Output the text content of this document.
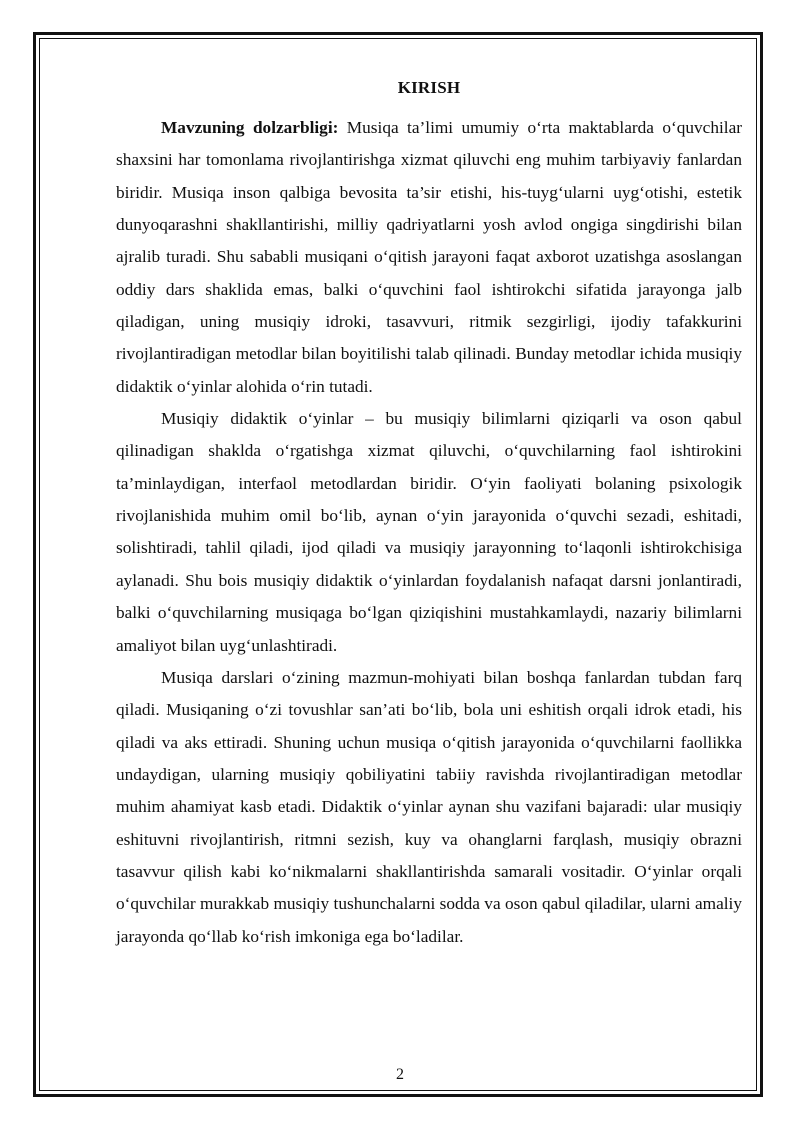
KIRISH

Mavzuning dolzarbligi: Musiqa ta’limi umumiy o‘rta maktablarda o‘quvchilar shaxsini har tomonlama rivojlantirishga xizmat qiluvchi eng muhim tarbiyaviy fanlardan biridir. Musiqa inson qalbiga bevosita ta’sir etishi, his-tuyg‘ularni uyg‘otishi, estetik dunyoqarashni shakllantirishi, milliy qadriyatlarni yosh avlod ongiga singdirishi bilan ajralib turadi. Shu sababli musiqani o‘qitish jarayoni faqat axborot uzatishga asoslangan oddiy dars shaklida emas, balki o‘quvchini faol ishtirokchi sifatida jarayonga jalb qiladigan, uning musiqiy idroki, tasavvuri, ritmik sezgirligi, ijodiy tafakkurini rivojlantiradigan metodlar bilan boyitilishi talab qilinadi. Bunday metodlar ichida musiqiy didaktik o‘yinlar alohida o‘rin tutadi.

Musiqiy didaktik o‘yinlar – bu musiqiy bilimlarni qiziqarli va oson qabul qilinadigan shaklda o‘rgatishga xizmat qiluvchi, o‘quvchilarning faol ishtirokini ta’minlaydigan, interfaol metodlardan biridir. O‘yin faoliyati bolaning psixologik rivojlanishida muhim omil bo‘lib, aynan o‘yin jarayonida o‘quvchi sezadi, eshitadi, solishtiradi, tahlil qiladi, ijod qiladi va musiqiy jarayonning to‘laqonli ishtirokchisiga aylanadi. Shu bois musiqiy didaktik o‘yinlardan foydalanish nafaqat darsni jonlantiradi, balki o‘quvchilarning musiqaga bo‘lgan qiziqishini mustahkamlaydi, nazariy bilimlarni amaliyot bilan uyg‘unlashtiradi.

Musiqa darslari o‘zining mazmun-mohiyati bilan boshqa fanlardan tubdan farq qiladi. Musiqaning o‘zi tovushlar san’ati bo‘lib, bola uni eshitish orqali idrok etadi, his qiladi va aks ettiradi. Shuning uchun musiqa o‘qitish jarayonida o‘quvchilarni faollikka undaydigan, ularning musiqiy qobiliyatini tabiiy ravishda rivojlantiradigan metodlar muhim ahamiyat kasb etadi. Didaktik o‘yinlar aynan shu vazifani bajaradi: ular musiqiy eshituvni rivojlantirish, ritmni sezish, kuy va ohanglarni farqlash, musiqiy obrazni tasavvur qilish kabi ko‘nikmalarni shakllantirishda samarali vositadir. O‘yinlar orqali o‘quvchilar murakkab musiqiy tushunchalarni sodda va oson qabul qiladilar, ularni amaliy jarayonda qo‘llab ko‘rish imkoniga ega bo‘ladilar.

2
